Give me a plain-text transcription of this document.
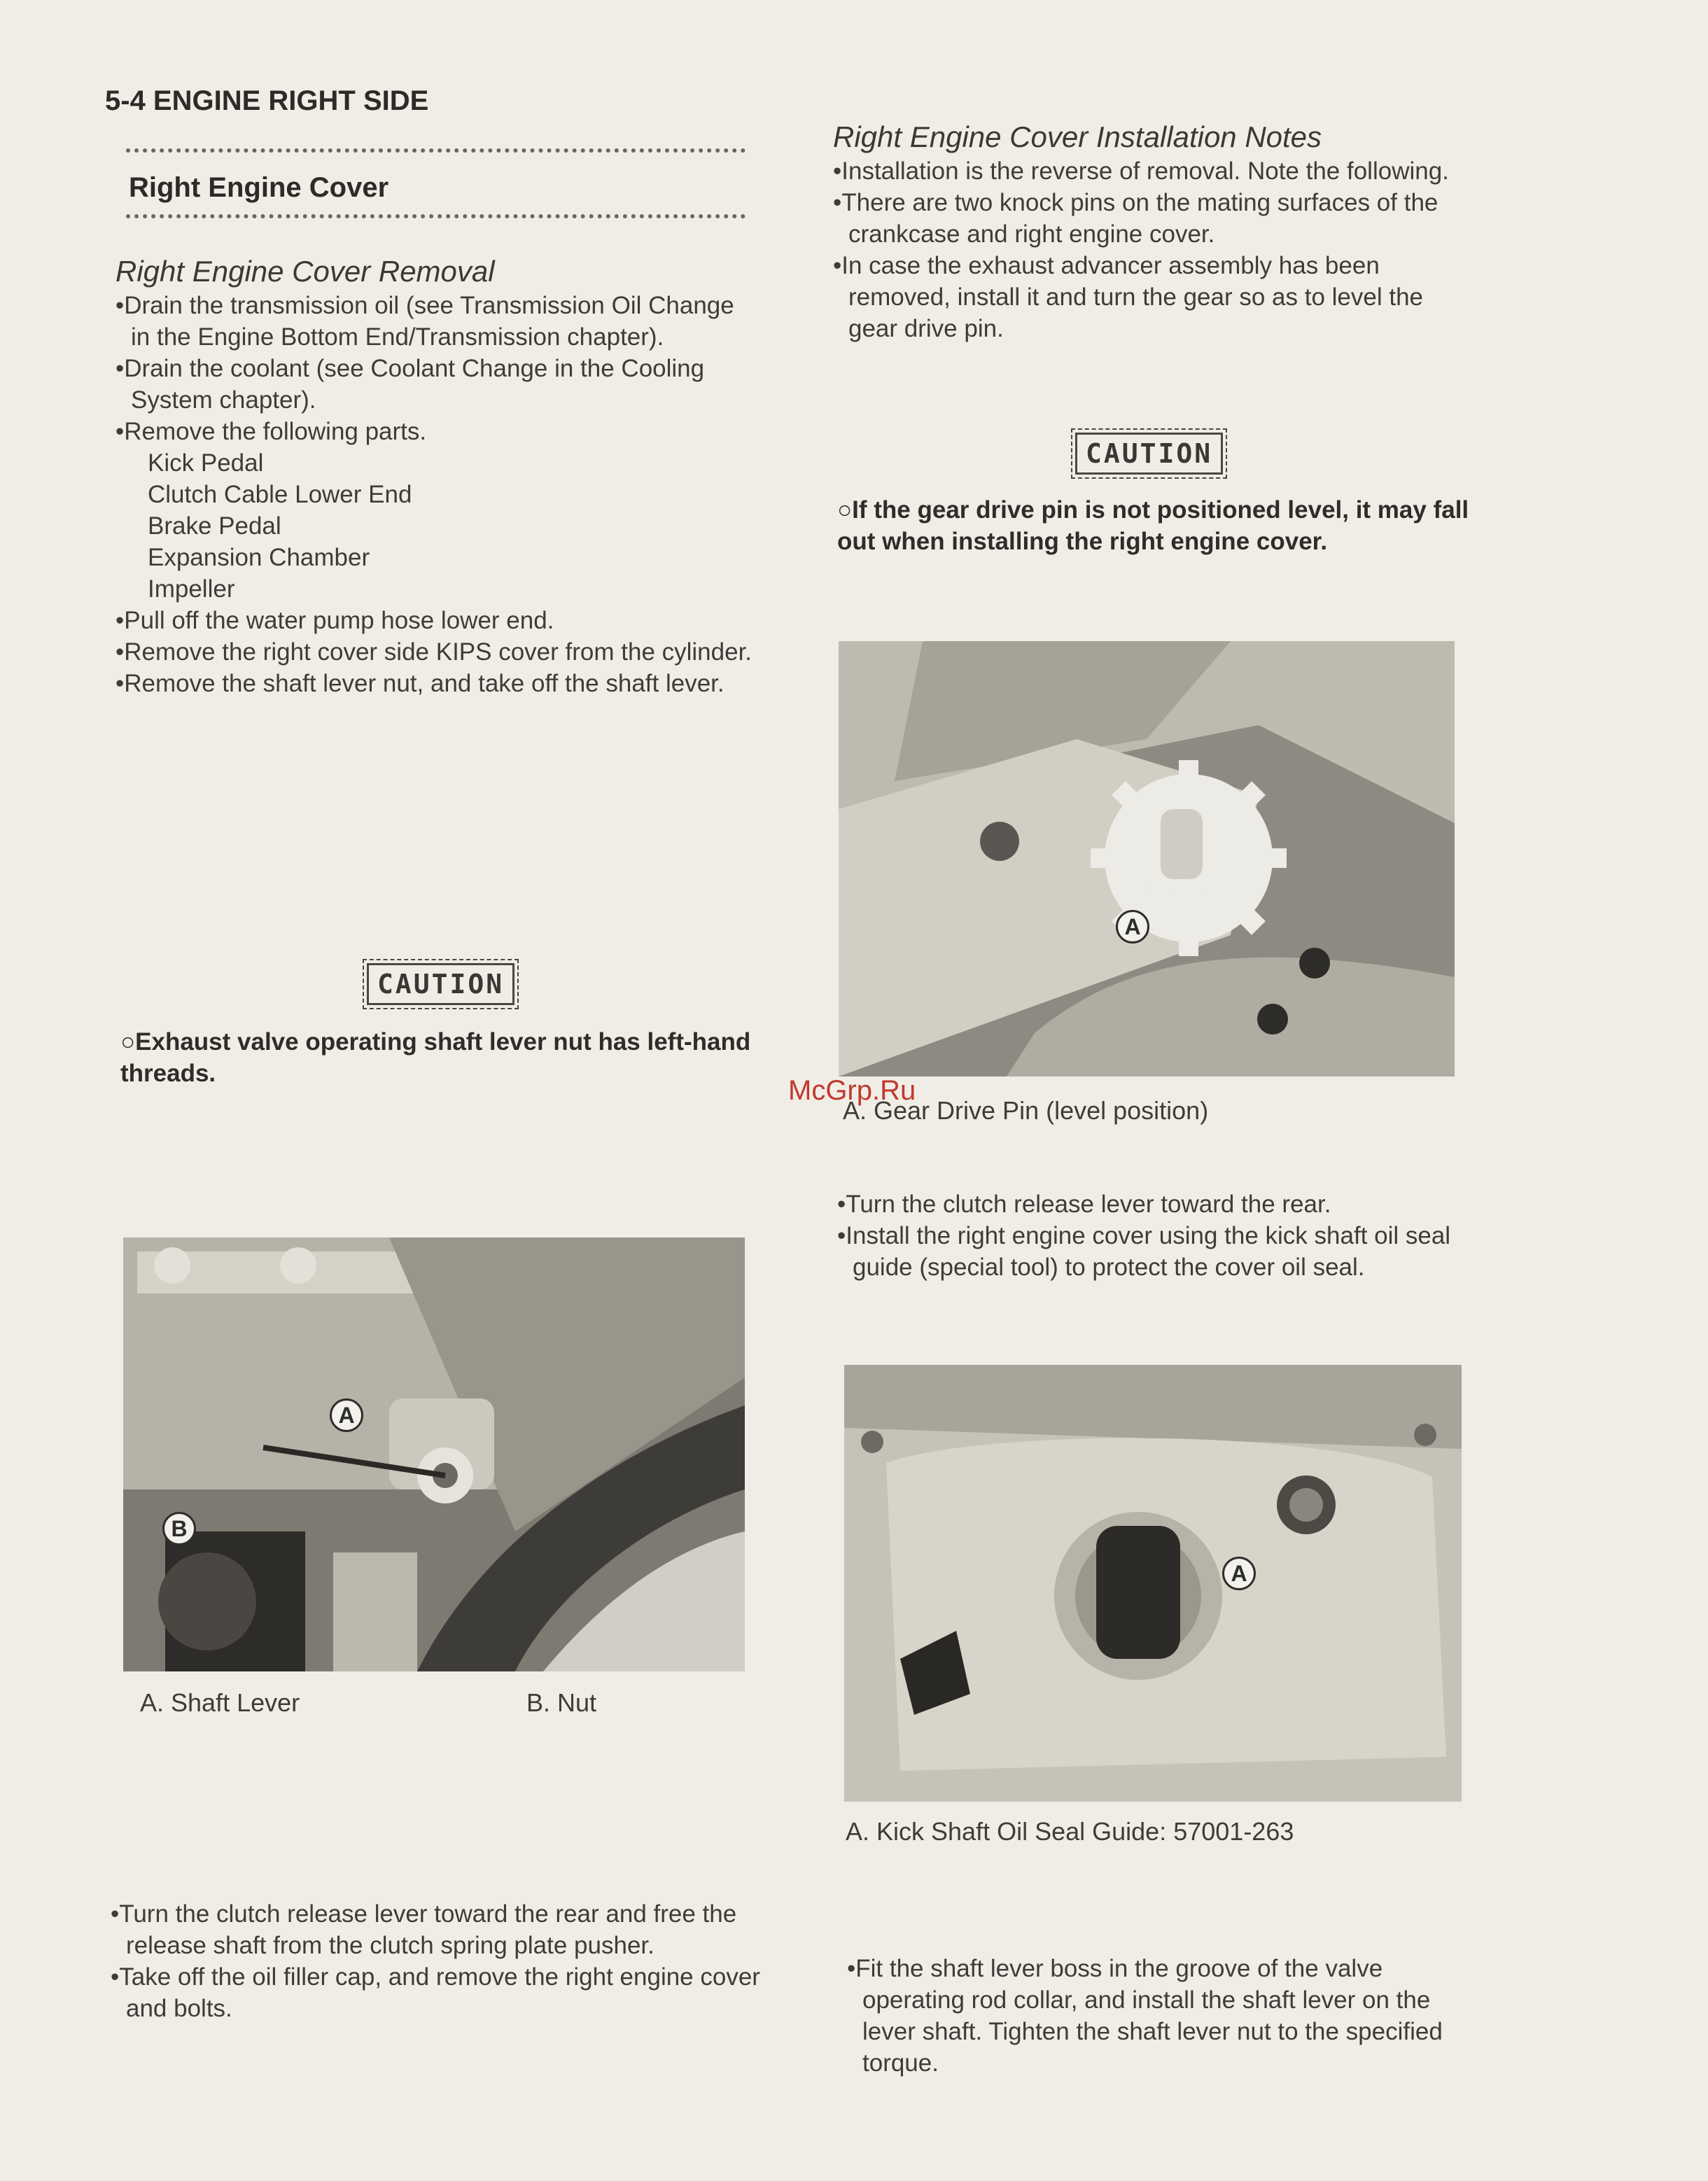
5-4 ENGINE RIGHT SIDE
Right Engine Cover
Right Engine Cover Removal

•Drain the transmission oil (see Transmission Oil Change in the Engine Bottom End/Transmission chapter).

•Drain the coolant (see Coolant Change in the Cooling System chapter).

•Remove the following parts.

Kick Pedal
Clutch Cable Lower End
Brake Pedal
Expansion Chamber
Impeller

•Pull off the water pump hose lower end.

•Remove the right cover side KIPS cover from the cylinder.

•Remove the shaft lever nut, and take off the shaft lever.

CAUTION
○Exhaust valve operating shaft lever nut has left-hand threads.
A
B
A. Shaft Lever	B. Nut

•Turn the clutch release lever toward the rear and free the release shaft from the clutch spring plate pusher.

•Take off the oil filler cap, and remove the right engine cover and bolts.

Right Engine Cover Installation Notes

•Installation is the reverse of removal. Note the following.

•There are two knock pins on the mating surfaces of the crankcase and right engine cover.

•In case the exhaust advancer assembly has been removed, install it and turn the gear so as to level the gear drive pin.

CAUTION
○If the gear drive pin is not positioned level, it may fall out when installing the right engine cover.
A
McGrp.Ru
A. Gear Drive Pin (level position)

•Turn the clutch release lever toward the rear.

•Install the right engine cover using the kick shaft oil seal guide (special tool) to protect the cover oil seal.

A
A. Kick Shaft Oil Seal Guide: 57001-263

•Fit the shaft lever boss in the groove of the valve operating rod collar, and install the shaft lever on the lever shaft. Tighten the shaft lever nut to the specified torque.
